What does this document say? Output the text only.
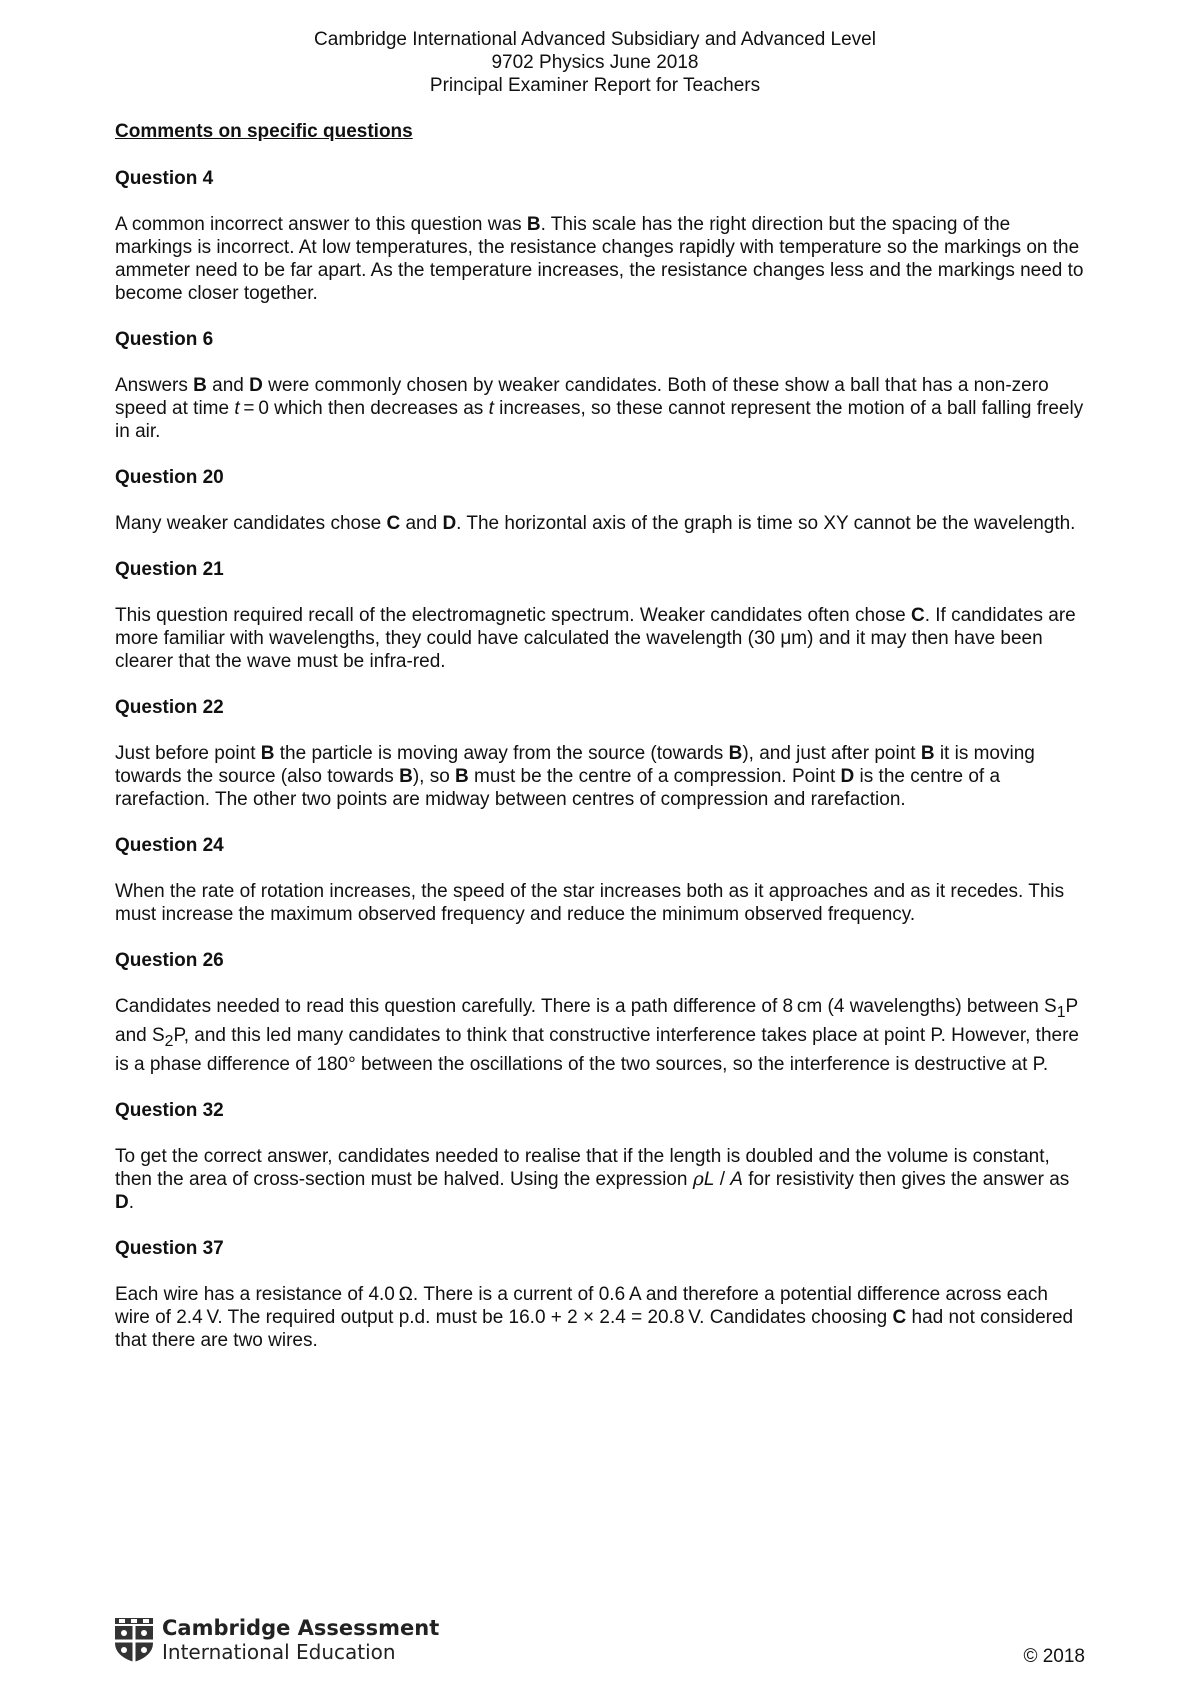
Cambridge International Advanced Subsidiary and Advanced Level
9702 Physics June 2018
Principal Examiner Report for Teachers

Comments on specific questions

Question 4

A common incorrect answer to this question was B. This scale has the right direction but the spacing of the markings is incorrect. At low temperatures, the resistance changes rapidly with temperature so the markings on the ammeter need to be far apart. As the temperature increases, the resistance changes less and the markings need to become closer together.

Question 6

Answers B and D were commonly chosen by weaker candidates. Both of these show a ball that has a non-zero speed at time t = 0 which then decreases as t increases, so these cannot represent the motion of a ball falling freely in air.

Question 20

Many weaker candidates chose C and D. The horizontal axis of the graph is time so XY cannot be the wavelength.

Question 21

This question required recall of the electromagnetic spectrum. Weaker candidates often chose C. If candidates are more familiar with wavelengths, they could have calculated the wavelength (30 μm) and it may then have been clearer that the wave must be infra-red.

Question 22

Just before point B the particle is moving away from the source (towards B), and just after point B it is moving towards the source (also towards B), so B must be the centre of a compression. Point D is the centre of a rarefaction. The other two points are midway between centres of compression and rarefaction.

Question 24

When the rate of rotation increases, the speed of the star increases both as it approaches and as it recedes. This must increase the maximum observed frequency and reduce the minimum observed frequency.

Question 26

Candidates needed to read this question carefully. There is a path difference of 8 cm (4 wavelengths) between $S_1P$ and $S_2P$, and this led many candidates to think that constructive interference takes place at point P. However, there is a phase difference of 180° between the oscillations of the two sources, so the interference is destructive at P.

Question 32

To get the correct answer, candidates needed to realise that if the length is doubled and the volume is constant, then the area of cross-section must be halved. Using the expression ρL / A for resistivity then gives the answer as D.

Question 37

Each wire has a resistance of 4.0 Ω. There is a current of 0.6 A and therefore a potential difference across each wire of 2.4 V. The required output p.d. must be 16.0 + 2 × 2.4 = 20.8 V. Candidates choosing C had not considered that there are two wires.

Cambridge Assessment
International Education	© 2018
